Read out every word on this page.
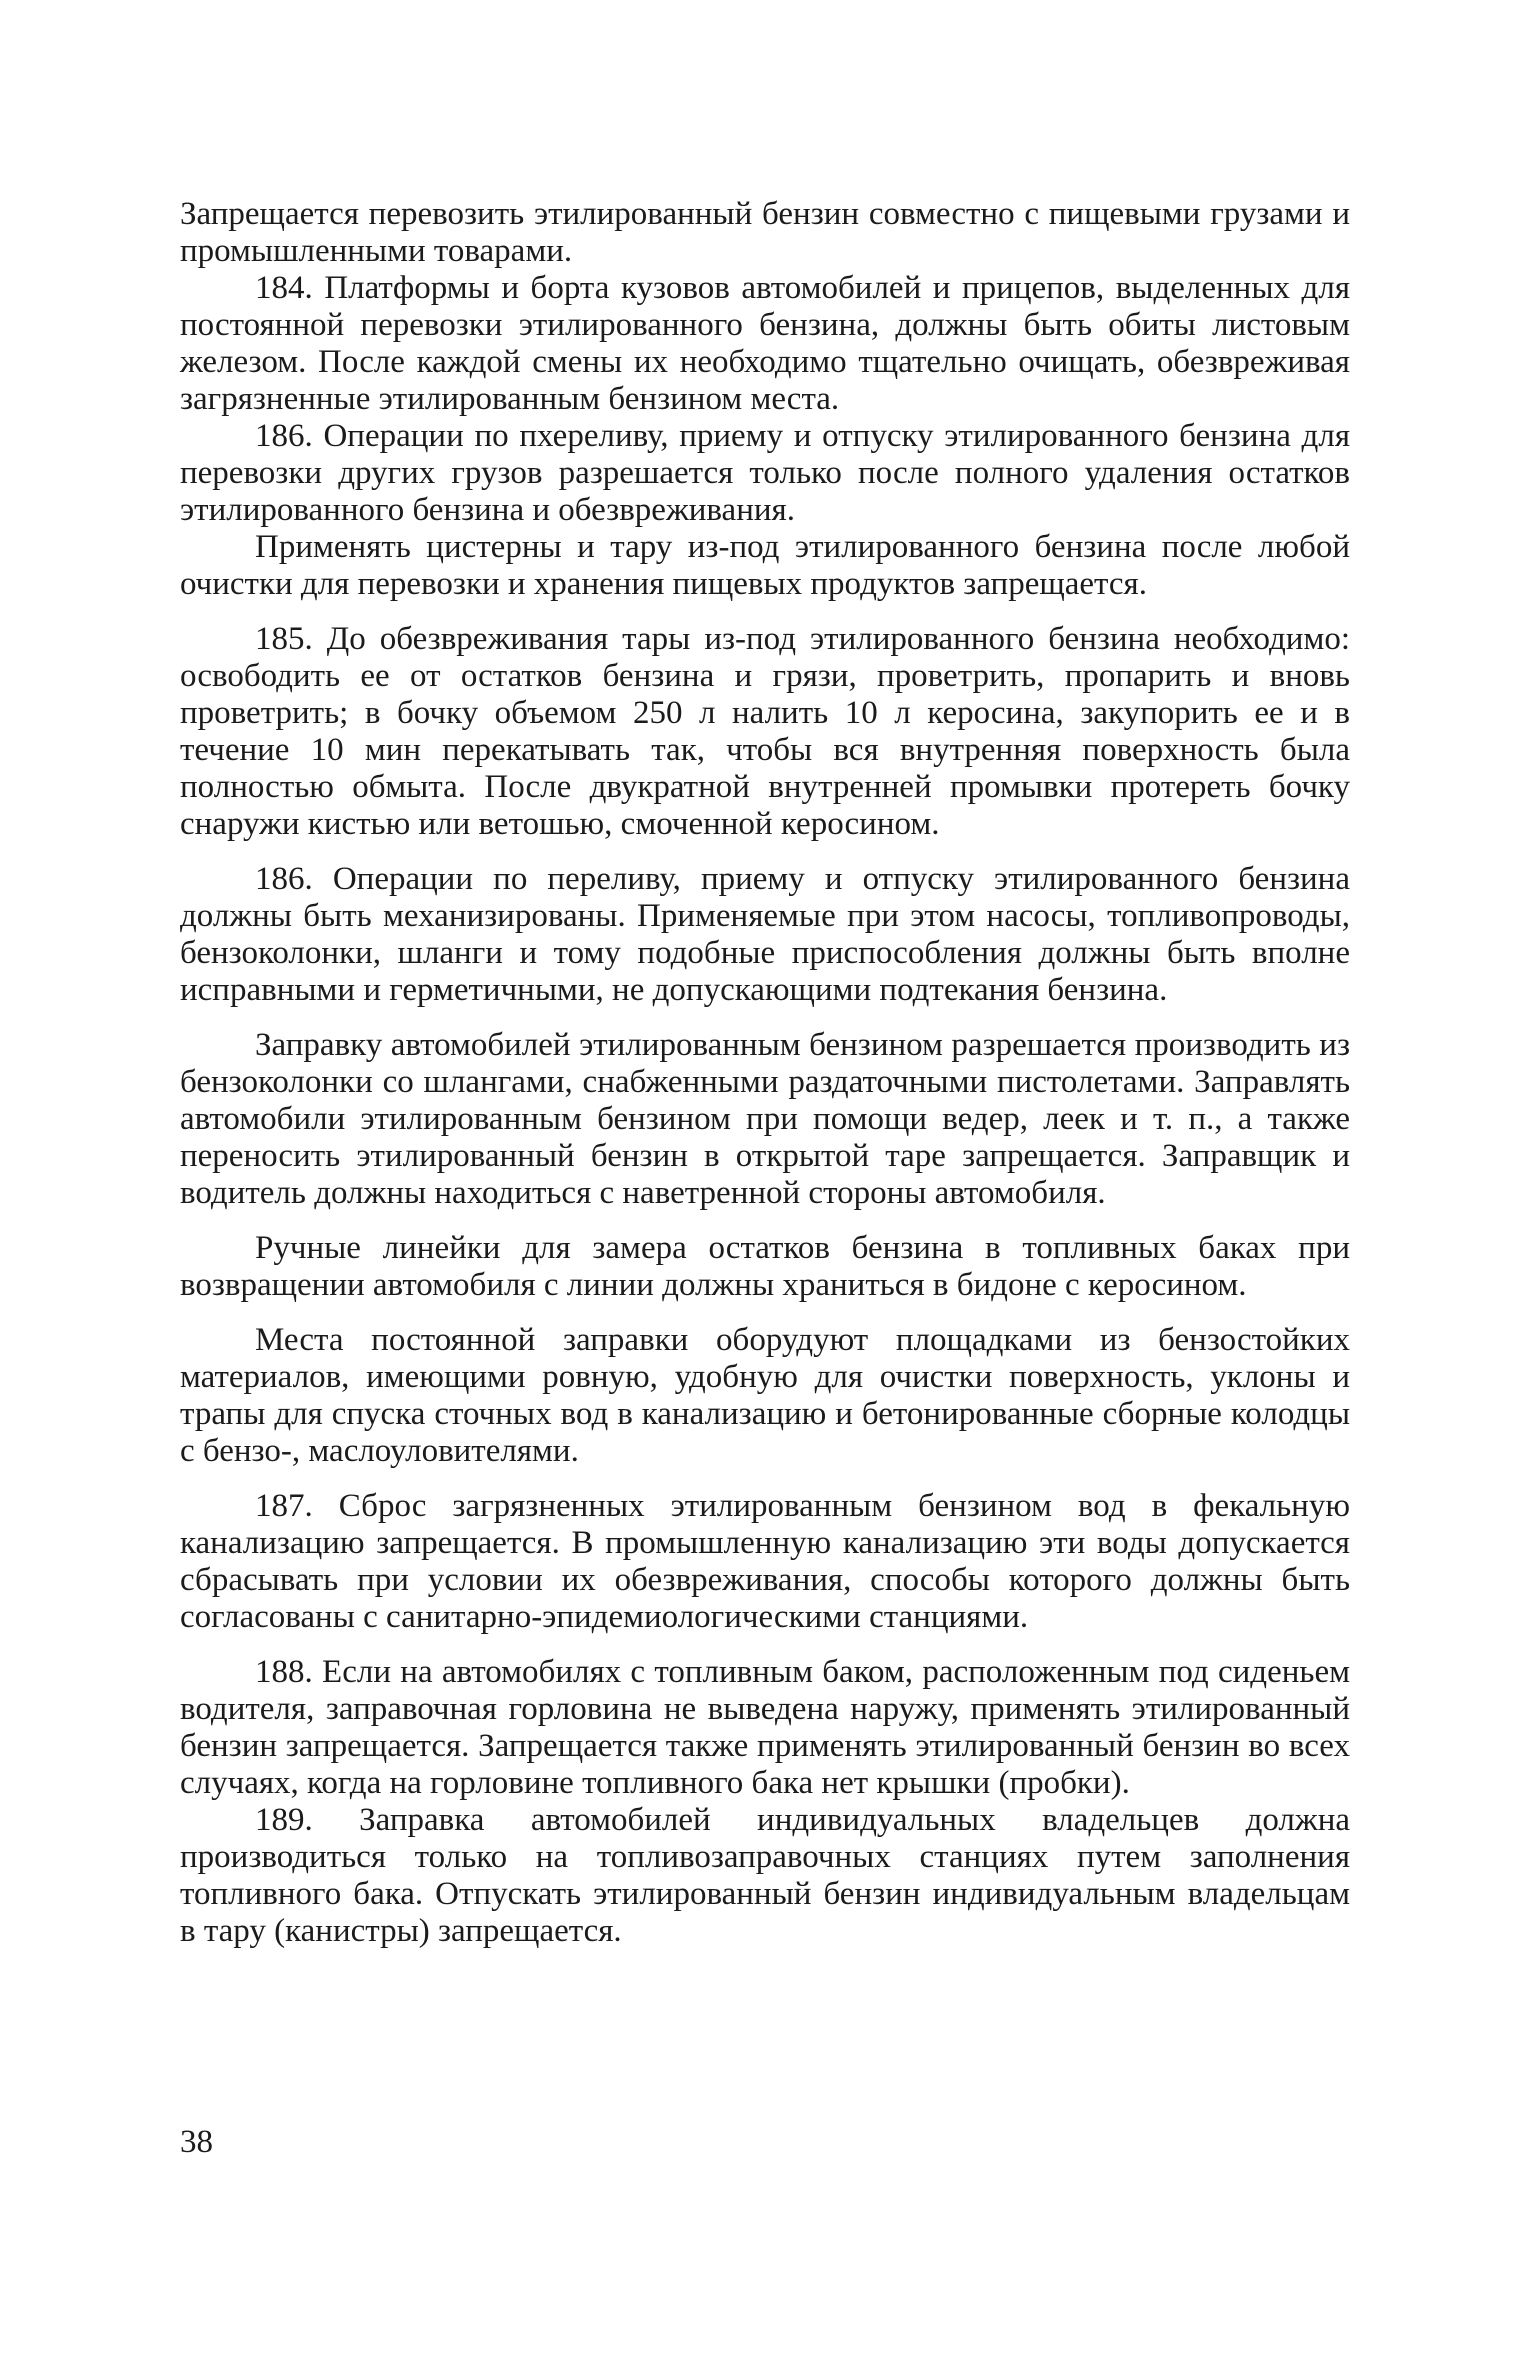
Запрещается перевозить этилированный бензин совместно с пищевыми грузами и промышленными товарами.

184. Платформы и борта кузовов автомобилей и прицепов, выделенных для постоянной перевозки этилированного бензина, должны быть обиты листовым железом. После каждой смены их необходимо тщательно очищать, обезвреживая загрязненные этилированным бензином места.

186. Операции по пхереливу, приему и отпуску этилированного бензина для перевозки других грузов разрешается только после полного удаления остатков этилированного бензина и обезвреживания.

Применять цистерны и тару из-под этилированного бензина после любой очистки для перевозки и хранения пищевых продуктов запрещается.

185. До обезвреживания тары из-под этилированного бензина необходимо: освободить ее от остатков бензина и грязи, проветрить, пропарить и вновь проветрить; в бочку объемом 250 л налить 10 л керосина, закупорить ее и в течение 10 мин перекатывать так, чтобы вся внутренняя поверхность была полностью обмыта. После двукратной внутренней промывки протереть бочку снаружи кистью или ветошью, смоченной керосином.

186. Операции по переливу, приему и отпуску этилированного бензина должны быть механизированы. Применяемые при этом насосы, топливопроводы, бензоколонки, шланги и тому подобные приспособления должны быть вполне исправными и герметичными, не допускающими подтекания бензина.

Заправку автомобилей этилированным бензином разрешается производить из бензоколонки со шлангами, снабженными раздаточными пистолетами. Заправлять автомобили этилированным бензином при помощи ведер, леек и т. п., а также переносить этилированный бензин в открытой таре запрещается. Заправщик и водитель должны находиться с наветренной стороны автомобиля.

Ручные линейки для замера остатков бензина в топливных баках при возвращении автомобиля с линии должны храниться в бидоне с керосином.

Места постоянной заправки оборудуют площадками из бензостойких материалов, имеющими ровную, удобную для очистки поверхность, уклоны и трапы для спуска сточных вод в канализацию и бетонированные сборные колодцы с бензо-, маслоуловителями.

187. Сброс загрязненных этилированным бензином вод в фекальную канализацию запрещается. В промышленную канализацию эти воды допускается сбрасывать при условии их обезвреживания, способы которого должны быть согласованы с санитарно-эпидемиологическими станциями.

188. Если на автомобилях с топливным баком, расположенным под сиденьем водителя, заправочная горловина не выведена наружу, применять этилированный бензин запрещается. Запрещается также применять этилированный бензин во всех случаях, когда на горловине топливного бака нет крышки (пробки).

189. Заправка автомобилей индивидуальных владельцев должна производиться только на топливозаправочных станциях путем заполнения топливного бака. Отпускать этилированный бензин индивидуальным владельцам в тару (канистры) запрещается.

38
